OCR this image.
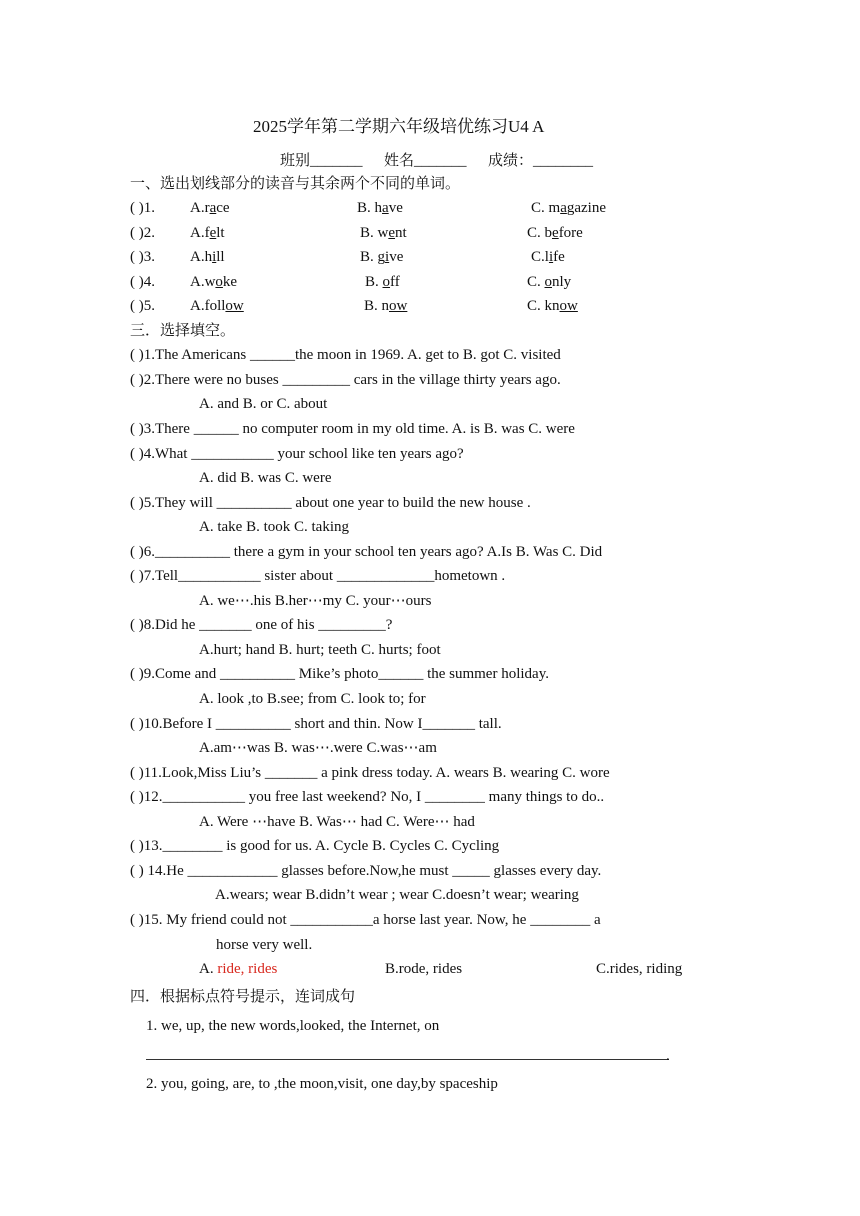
2025学年第二学期六年级培优练习U4 A
班别_______ 姓名_______ 成绩：________
一、选出划线部分的读音与其余两个不同的单词。
( )1. A.race	B. have	C. magazine
( )2. A.felt	B. went	C. before
( )3. A.hill	B. give	C.life
( )4. A.woke	B. off	C. only
( )5. A.follow	B. now	C. know
三．选择填空。
( )1.The Americans ______the moon in 1969. A. get to B. got C. visited
( )2.There were no buses _________ cars in the village thirty years ago.
A. and B. or C. about
( )3.There ______ no computer room in my old time. A. is B. was C. were
( )4.What ___________ your school like ten years ago?
A. did B. was C. were
( )5.They will __________ about one year to build the new house .
A. take B. took C. taking
( )6.__________ there a gym in your school ten years ago? A.Is B. Was C. Did
( )7.Tell___________ sister about _____________hometown .
A. we⋯.his B.her⋯my C. your⋯ours
( )8.Did he _______ one of his _________?
A.hurt; hand B. hurt; teeth C. hurts; foot
( )9.Come and __________ Mike’s photo______ the summer holiday.
A. look ,to B.see; from C. look to; for
( )10.Before I __________ short and thin. Now I_______ tall.
A.am⋯was B. was⋯.were C.was⋯am
( )11.Look,Miss Liu’s _______ a pink dress today. A. wears B. wearing C. wore
( )12.___________ you free last weekend? No, I ________ many things to do..
A. Were ⋯have B. Was⋯ had C. Were⋯ had
( )13.________ is good for us. A. Cycle B. Cycles C. Cycling
( ) 14.He ____________ glasses before.Now,he must _____ glasses every day.
A.wears; wear B.didn’t wear ; wear C.doesn’t wear; wearing
( )15. My friend could not ___________a horse last year. Now, he ________ a
horse very well.
A. ride, rides	B.rode, rides	C.rides, riding
四．根据标点符号提示，连词成句
1. we, up, the new words,looked, the Internet, on
.
2. you, going, are, to ,the moon,visit, one day,by spaceship
